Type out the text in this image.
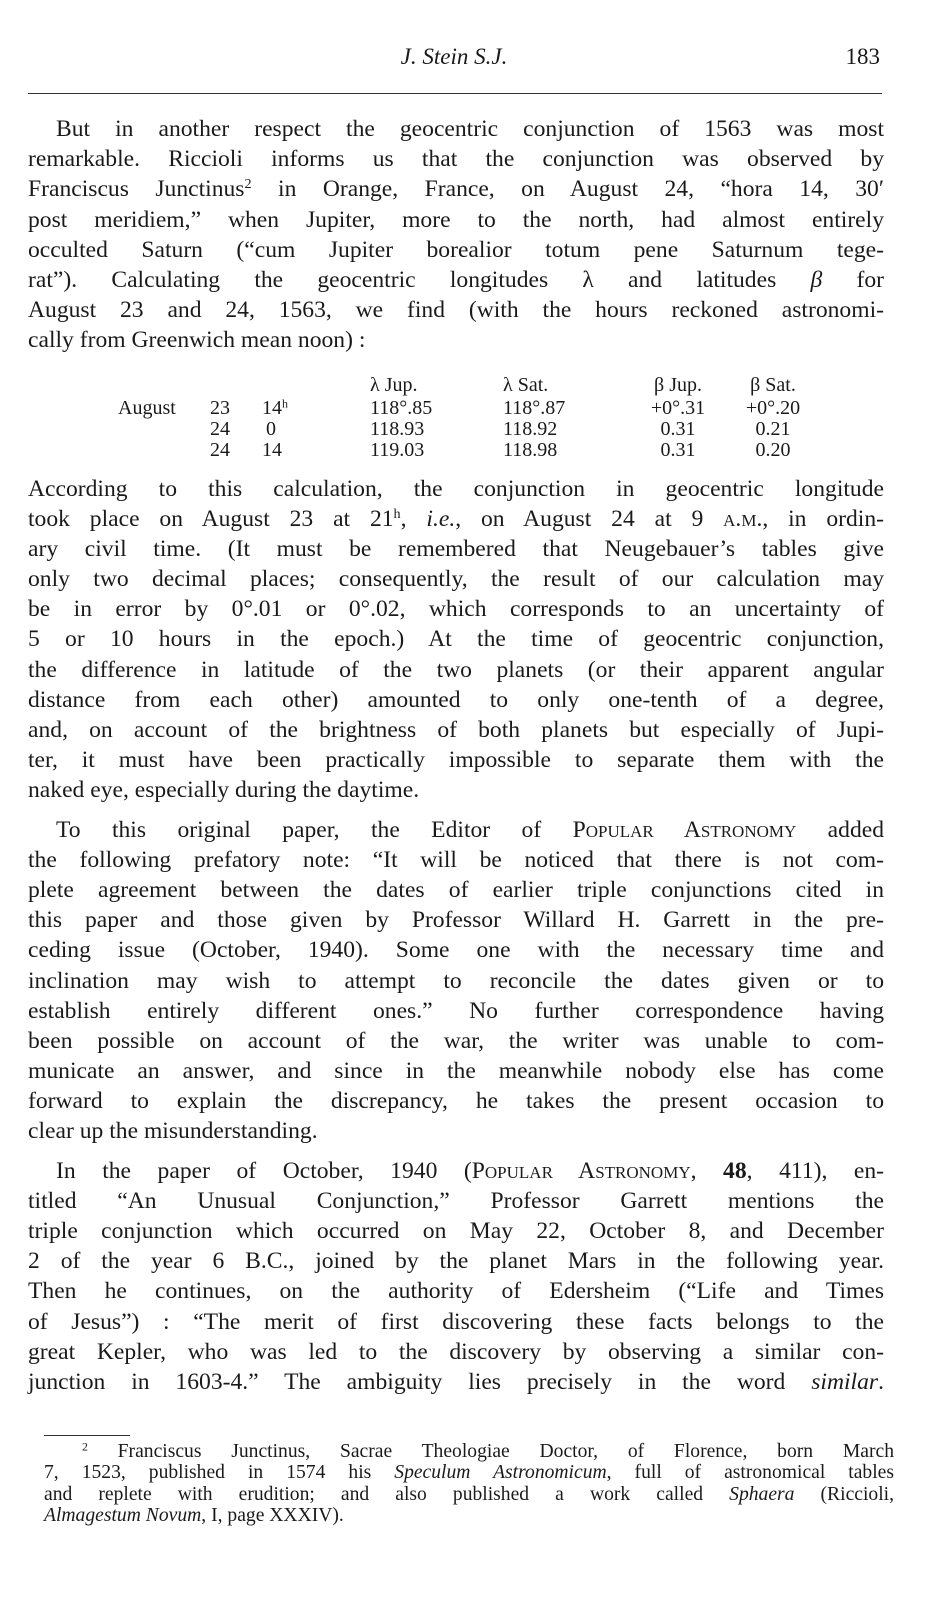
J. Stein S.J.	183
But in another respect the geocentric conjunction of 1563 was most
remarkable. Riccioli informs us that the conjunction was observed by
Franciscus Junctinus$^2$ in Orange, France, on August 24, “hora 14, 30′
post meridiem,” when Jupiter, more to the north, had almost entirely
occulted Saturn (“cum Jupiter borealior totum pene Saturnum tege-
rat”). Calculating the geocentric longitudes λ and latitudes β for
August 23 and 24, 1563, we find (with the hours reckoned astronomi-
cally from Greenwich mean noon) :
According to this calculation, the conjunction in geocentric longitude
took place on August 23 at 21$^h$, i.e., on August 24 at 9 a.m., in ordin-
ary civil time. (It must be remembered that Neugebauer’s tables give
only two decimal places; consequently, the result of our calculation may
be in error by 0°.01 or 0°.02, which corresponds to an uncertainty of
5 or 10 hours in the epoch.) At the time of geocentric conjunction,
the difference in latitude of the two planets (or their apparent angular
distance from each other) amounted to only one-tenth of a degree,
and, on account of the brightness of both planets but especially of Jupi-
ter, it must have been practically impossible to separate them with the
naked eye, especially during the daytime.
To this original paper, the Editor of Popular Astronomy added
the following prefatory note: “It will be noticed that there is not com-
plete agreement between the dates of earlier triple conjunctions cited in
this paper and those given by Professor Willard H. Garrett in the pre-
ceding issue (October, 1940). Some one with the necessary time and
inclination may wish to attempt to reconcile the dates given or to
establish entirely different ones.” No further correspondence having
been possible on account of the war, the writer was unable to com-
municate an answer, and since in the meanwhile nobody else has come
forward to explain the discrepancy, he takes the present occasion to
clear up the misunderstanding.
In the paper of October, 1940 (Popular Astronomy, 48, 411), en-
titled “An Unusual Conjunction,” Professor Garrett mentions the
triple conjunction which occurred on May 22, October 8, and December
2 of the year 6 B.C., joined by the planet Mars in the following year.
Then he continues, on the authority of Edersheim (“Life and Times
of Jesus”) : “The merit of first discovering these facts belongs to the
great Kepler, who was led to the discovery by observing a similar con-
junction in 1603-4.” The ambiguity lies precisely in the word similar.
			λ Jup.	λ Sat.	β Jup.	β Sat.
August	23	14$^h$	118°.85	118°.87	+0°.31	+0°.20
	24	0	118.93	118.92	0.31	0.21
	24	14	119.03	118.98	0.31	0.20
$^2$ Franciscus Junctinus, Sacrae Theologiae Doctor, of Florence, born March
7, 1523, published in 1574 his Speculum Astronomicum, full of astronomical tables
and replete with erudition; and also published a work called Sphaera (Riccioli,
Almagestum Novum, I, page XXXIV).
